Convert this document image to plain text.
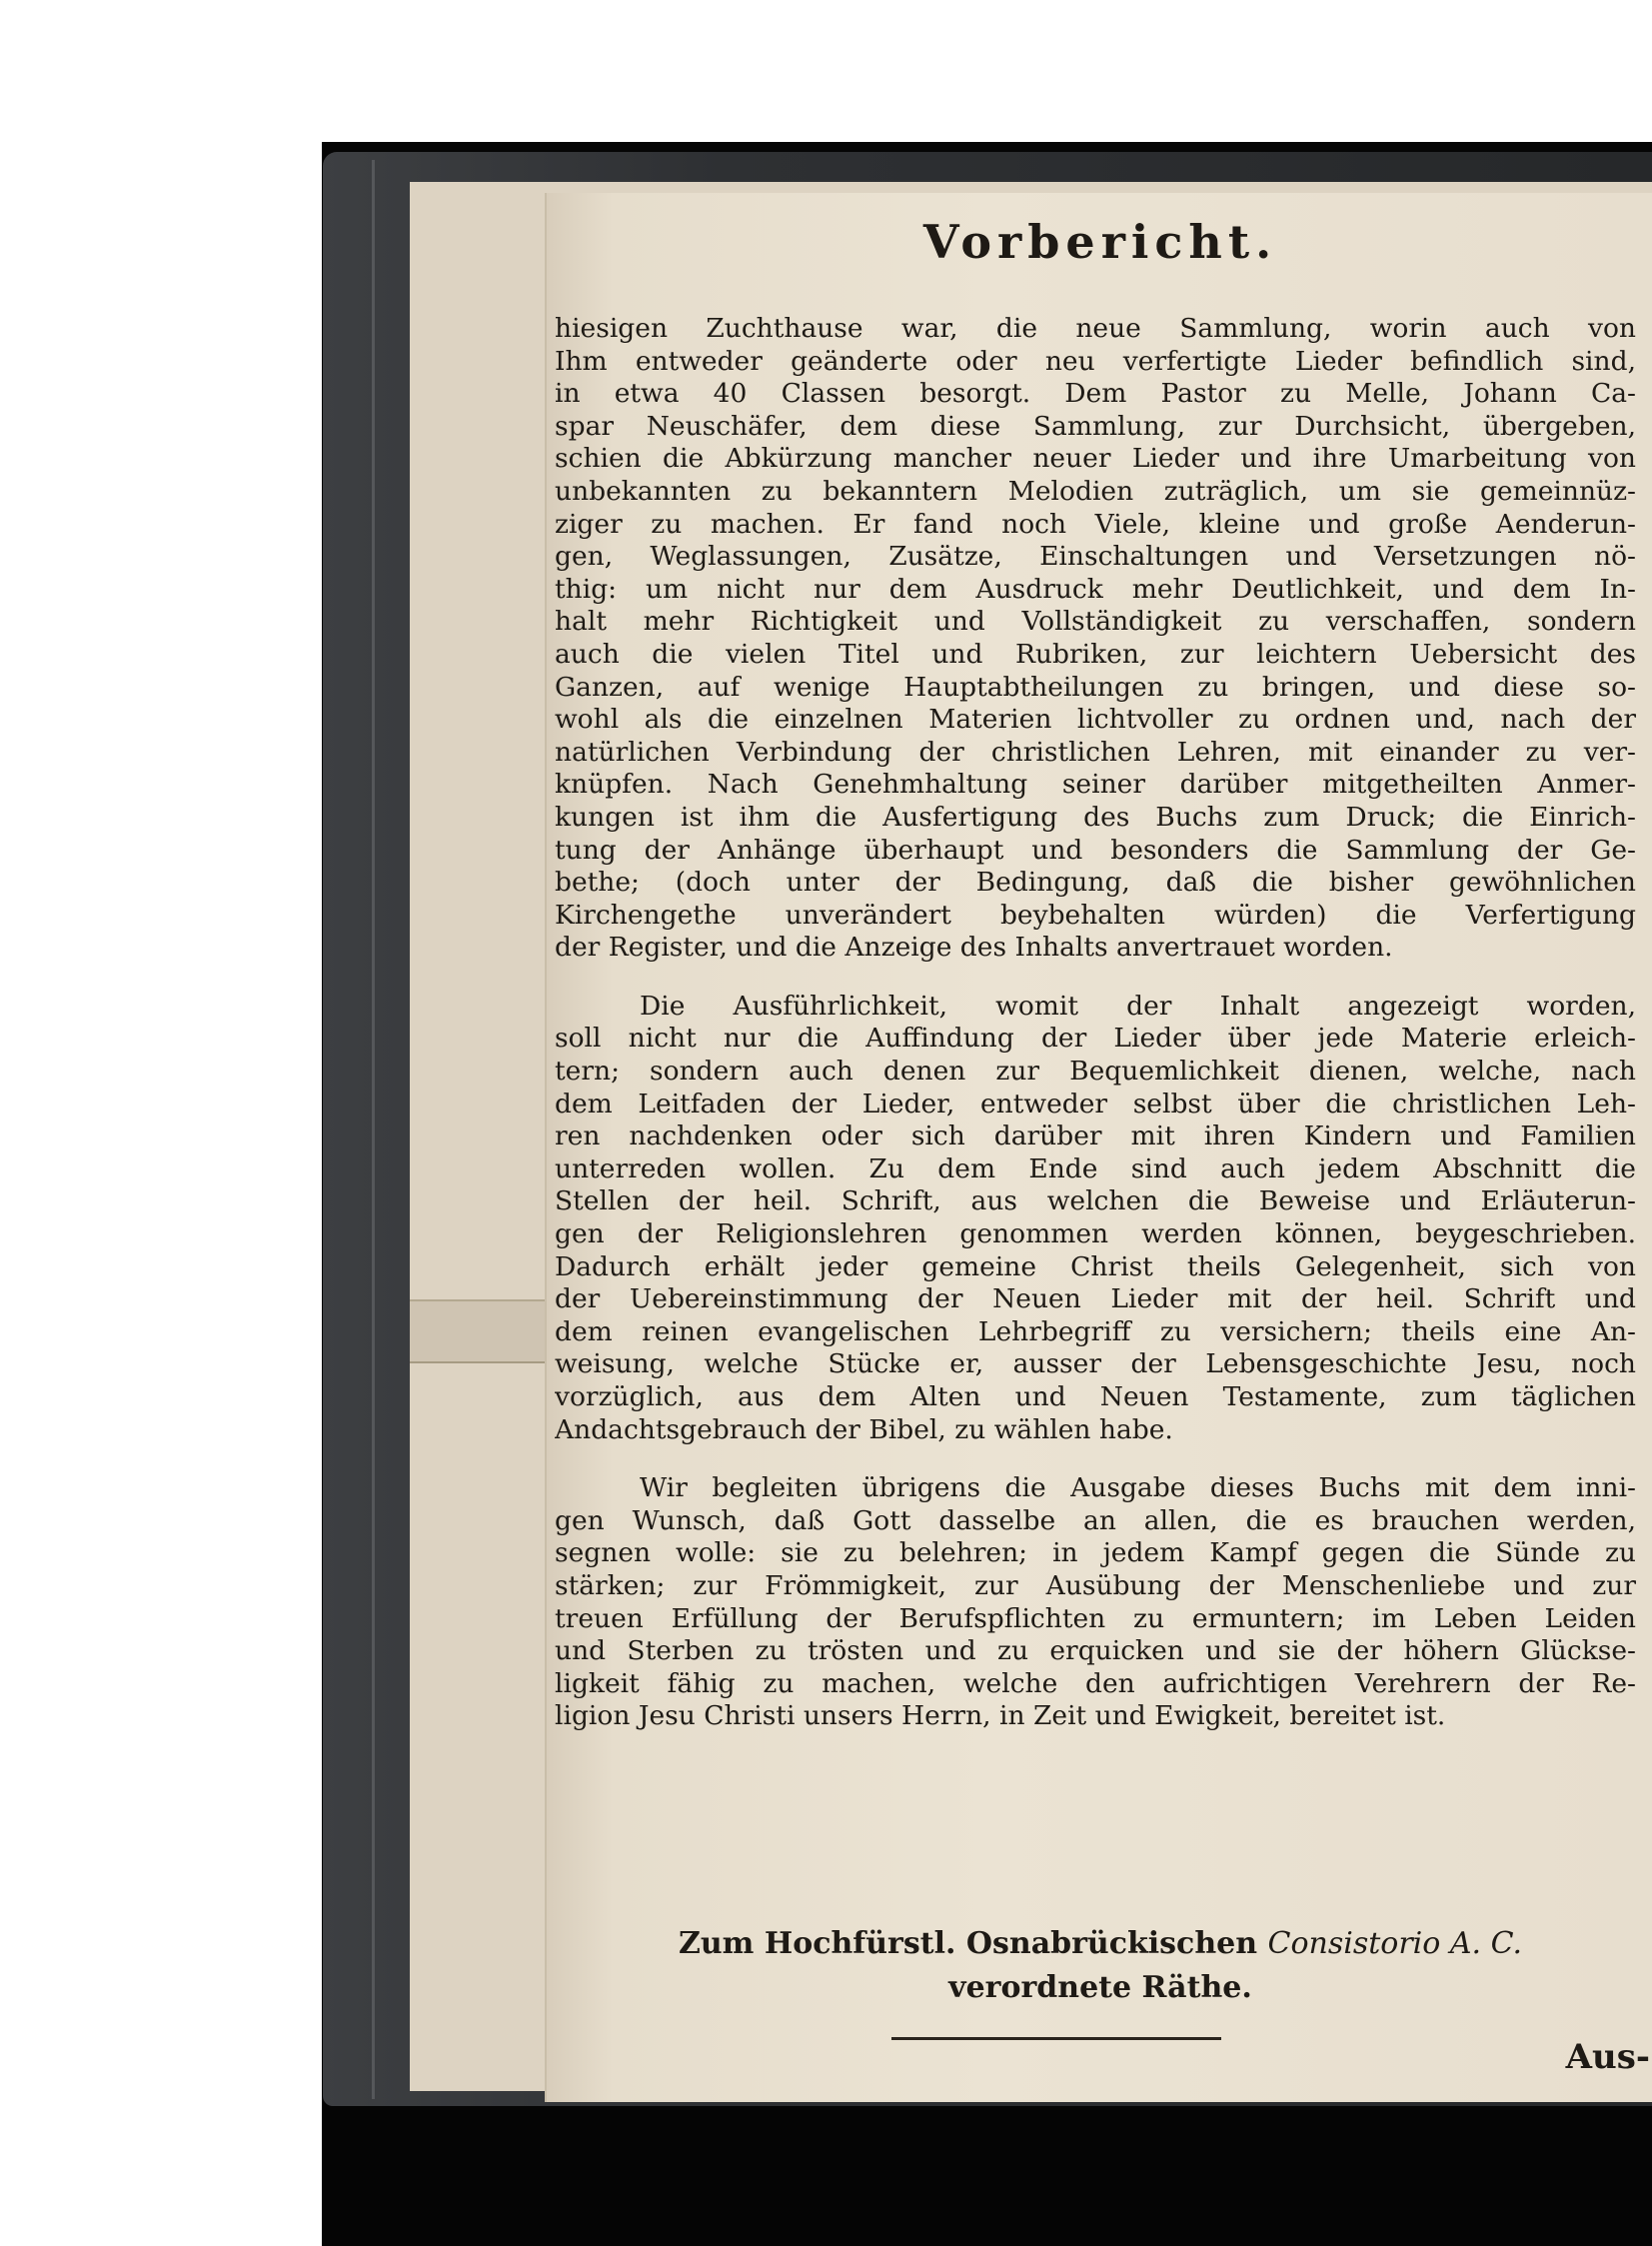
Vorbericht.
hiesigen Zuchthause war, die neue Sammlung, worin auch von
Ihm entweder geänderte oder neu verfertigte Lieder befindlich sind,
in etwa 40 Classen besorgt. Dem Pastor zu Melle, Johann Ca-
spar Neuschäfer, dem diese Sammlung, zur Durchsicht, übergeben,
schien die Abkürzung mancher neuer Lieder und ihre Umarbeitung von
unbekannten zu bekanntern Melodien zuträglich, um sie gemeinnüz-
ziger zu machen. Er fand noch Viele, kleine und große Aenderun-
gen, Weglassungen, Zusätze, Einschaltungen und Versetzungen nö-
thig: um nicht nur dem Ausdruck mehr Deutlichkeit, und dem In-
halt mehr Richtigkeit und Vollständigkeit zu verschaffen, sondern
auch die vielen Titel und Rubriken, zur leichtern Uebersicht des
Ganzen, auf wenige Hauptabtheilungen zu bringen, und diese so-
wohl als die einzelnen Materien lichtvoller zu ordnen und, nach der
natürlichen Verbindung der christlichen Lehren, mit einander zu ver-
knüpfen. Nach Genehmhaltung seiner darüber mitgetheilten Anmer-
kungen ist ihm die Ausfertigung des Buchs zum Druck; die Einrich-
tung der Anhänge überhaupt und besonders die Sammlung der Ge-
bethe; (doch unter der Bedingung, daß die bisher gewöhnlichen
Kirchengethe unverändert beybehalten würden) die Verfertigung
der Register, und die Anzeige des Inhalts anvertrauet worden.
Die Ausführlichkeit, womit der Inhalt angezeigt worden,
soll nicht nur die Auffindung der Lieder über jede Materie erleich-
tern; sondern auch denen zur Bequemlichkeit dienen, welche, nach
dem Leitfaden der Lieder, entweder selbst über die christlichen Leh-
ren nachdenken oder sich darüber mit ihren Kindern und Familien
unterreden wollen. Zu dem Ende sind auch jedem Abschnitt die
Stellen der heil. Schrift, aus welchen die Beweise und Erläuterun-
gen der Religionslehren genommen werden können, beygeschrieben.
Dadurch erhält jeder gemeine Christ theils Gelegenheit, sich von
der Uebereinstimmung der Neuen Lieder mit der heil. Schrift und
dem reinen evangelischen Lehrbegriff zu versichern; theils eine An-
weisung, welche Stücke er, ausser der Lebensgeschichte Jesu, noch
vorzüglich, aus dem Alten und Neuen Testamente, zum täglichen
Andachtsgebrauch der Bibel, zu wählen habe.
Wir begleiten übrigens die Ausgabe dieses Buchs mit dem inni-
gen Wunsch, daß Gott dasselbe an allen, die es brauchen werden,
segnen wolle: sie zu belehren; in jedem Kampf gegen die Sünde zu
stärken; zur Frömmigkeit, zur Ausübung der Menschenliebe und zur
treuen Erfüllung der Berufspflichten zu ermuntern; im Leben Leiden
und Sterben zu trösten und zu erquicken und sie der höhern Glückse-
ligkeit fähig zu machen, welche den aufrichtigen Verehrern der Re-
ligion Jesu Christi unsers Herrn, in Zeit und Ewigkeit, bereitet ist.
Zum Hochfürstl. Osnabrückischen Consistorio A. C.
verordnete Räthe.
Aus-
